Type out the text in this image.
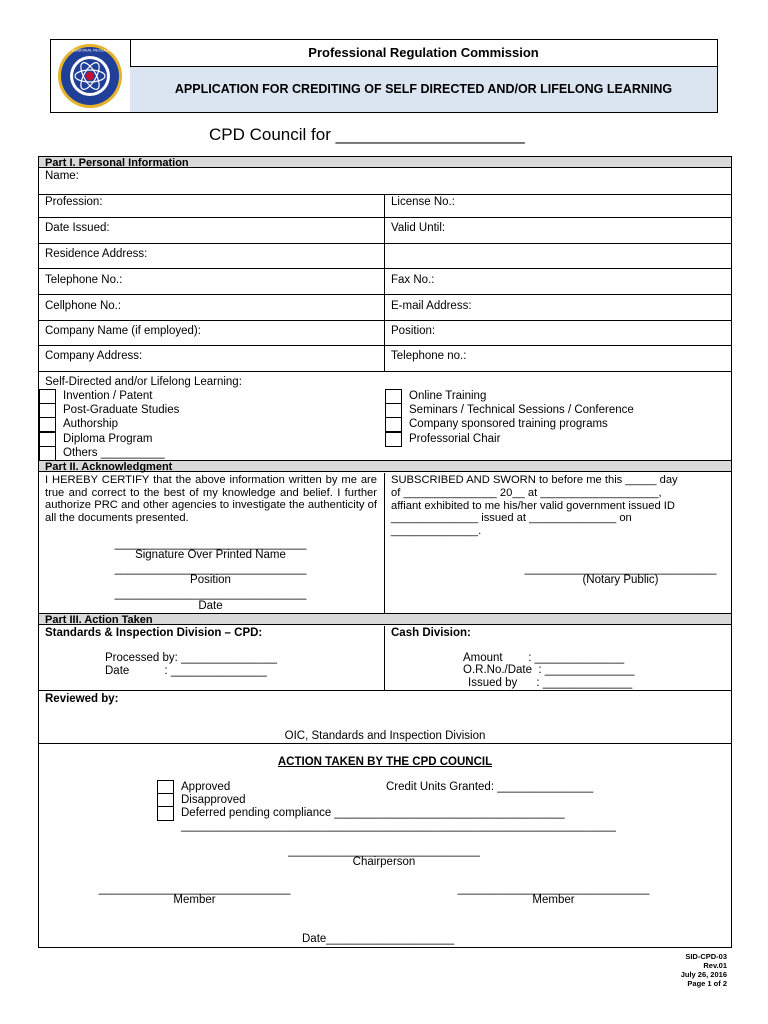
PROFESSIONAL REGULATION	Professional Regulation Commission
APPLICATION FOR CREDITING OF SELF DIRECTED AND/OR LIFELONG LEARNING
CPD Council for ____________________
Part I. Personal Information
Name:
Profession:	License No.:
Date Issued:	Valid Until:
Residence Address:
Telephone No.:	Fax No.:
Cellphone No.:	E-mail Address:
Company Name (if employed):	Position:
Company Address:	Telephone no.:
Self-Directed and/or Lifelong Learning:
Invention / Patent
Post-Graduate Studies
Authorship
Diploma Program
Others __________
Online Training
Seminars / Technical Sessions / Conference
Company sponsored training programs
Professorial Chair
Part II. Acknowledgment
I HEREBY CERTIFY that the above information written by me are true and correct to the best of my knowledge and belief. I further authorize PRC and other agencies to investigate the authenticity of all the documents presented.
SUBSCRIBED AND SWORN to before me this _____ day
of _______________ 20__ at ___________________,
affiant exhibited to me his/her valid government issued ID
______________ issued at ______________ on
______________.
______________________________
Signature Over Printed Name
______________________________
Position
______________________________
Date
______________________________
(Notary Public)
Part III. Action Taken
Standards & Inspection Division – CPD:
Processed by: _______________
Date           : _______________
Cash Division:
Amount        : ______________
O.R.No./Date  : ______________
Issued by      : ______________
Reviewed by:
OIC, Standards and Inspection Division
ACTION TAKEN BY THE CPD COUNCIL
Approved
Disapproved
Deferred pending compliance ____________________________________
____________________________________________________________________
Credit Units Granted: _______________
______________________________
Chairperson
______________________________
Member
______________________________
Member
Date____________________
SID-CPD-03
Rev.01
July 26, 2016
Page 1 of 2
